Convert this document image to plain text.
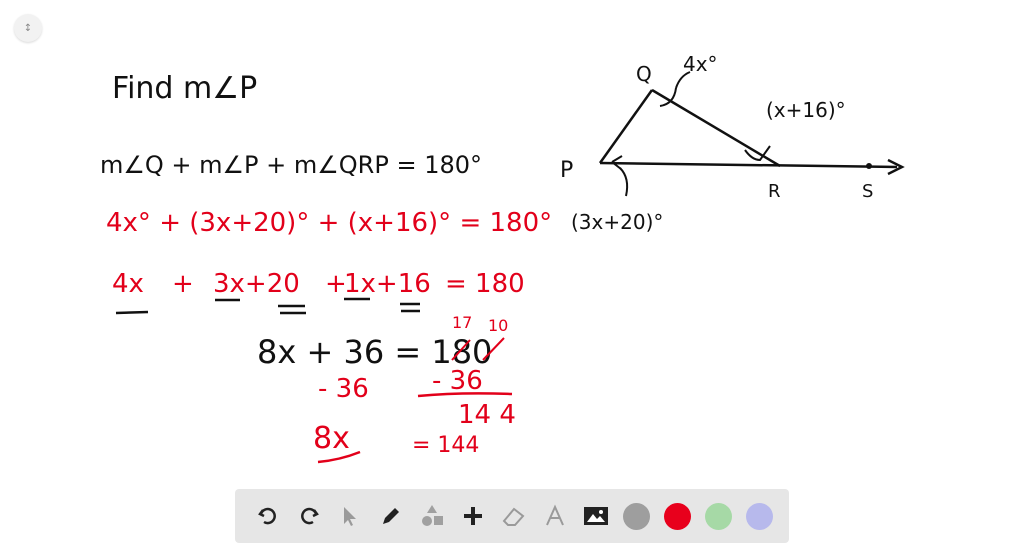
↕
Find m∠P
m∠Q + m∠P + m∠QRP = 180°
4x° + (3x+20)° + (x+16)° = 180°
4x + 3x+20 +
1x+16 = 180
17 10
8x + 36 = 180
- 36 - 36
14 4
8x	= 144
Q 4x°
(x+16)°
P
R	S
(3x+20)°
